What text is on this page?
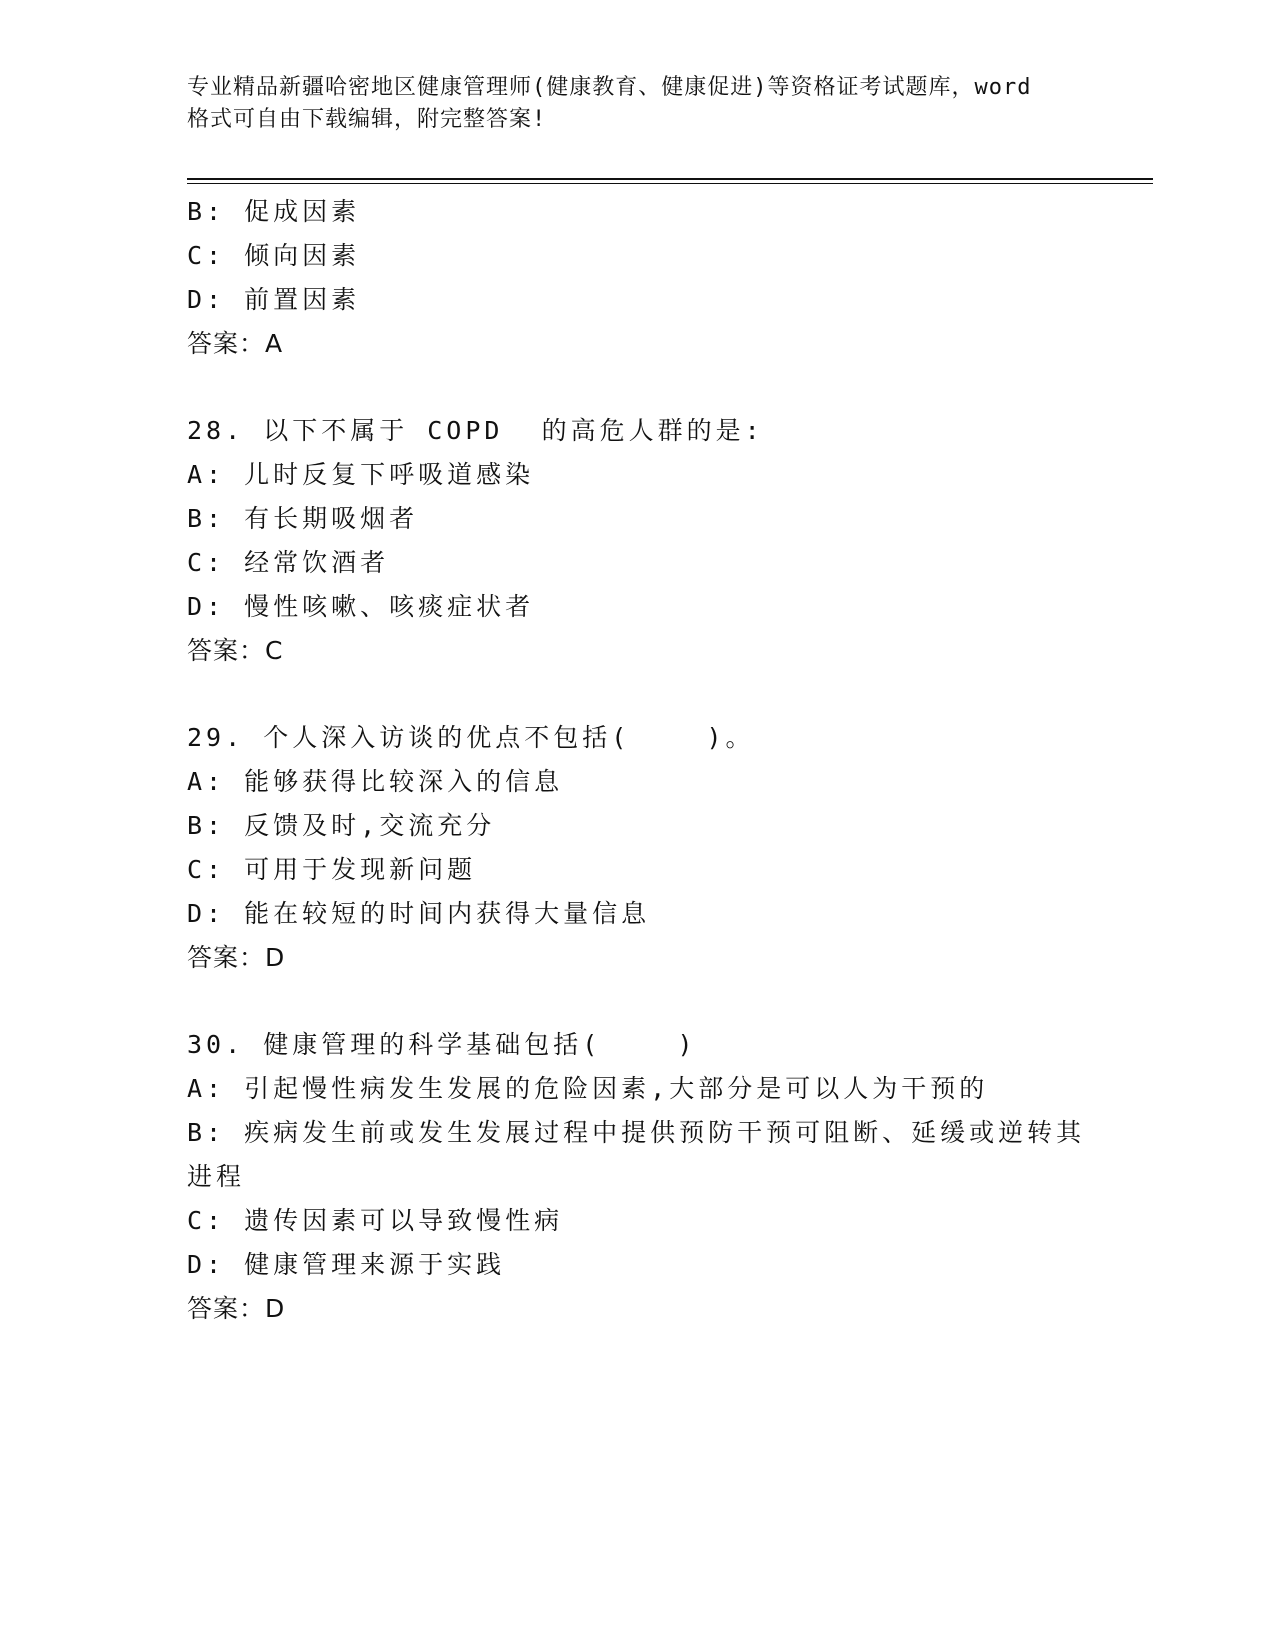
专业精品新疆哈密地区健康管理师(健康教育、健康促进)等资格证考试题库，word
格式可自由下载编辑，附完整答案!
B: 促成因素
C: 倾向因素
D: 前置因素
答案：A
28. 以下不属于 COPD  的高危人群的是:
A: 儿时反复下呼吸道感染
B: 有长期吸烟者
C: 经常饮酒者
D: 慢性咳嗽、咳痰症状者
答案：C
29. 个人深入访谈的优点不包括(    )。
A: 能够获得比较深入的信息
B: 反馈及时,交流充分
C: 可用于发现新问题
D: 能在较短的时间内获得大量信息
答案：D
30. 健康管理的科学基础包括(    )
A: 引起慢性病发生发展的危险因素,大部分是可以人为干预的
B: 疾病发生前或发生发展过程中提供预防干预可阻断、延缓或逆转其
进程
C: 遗传因素可以导致慢性病
D: 健康管理来源于实践
答案：D
